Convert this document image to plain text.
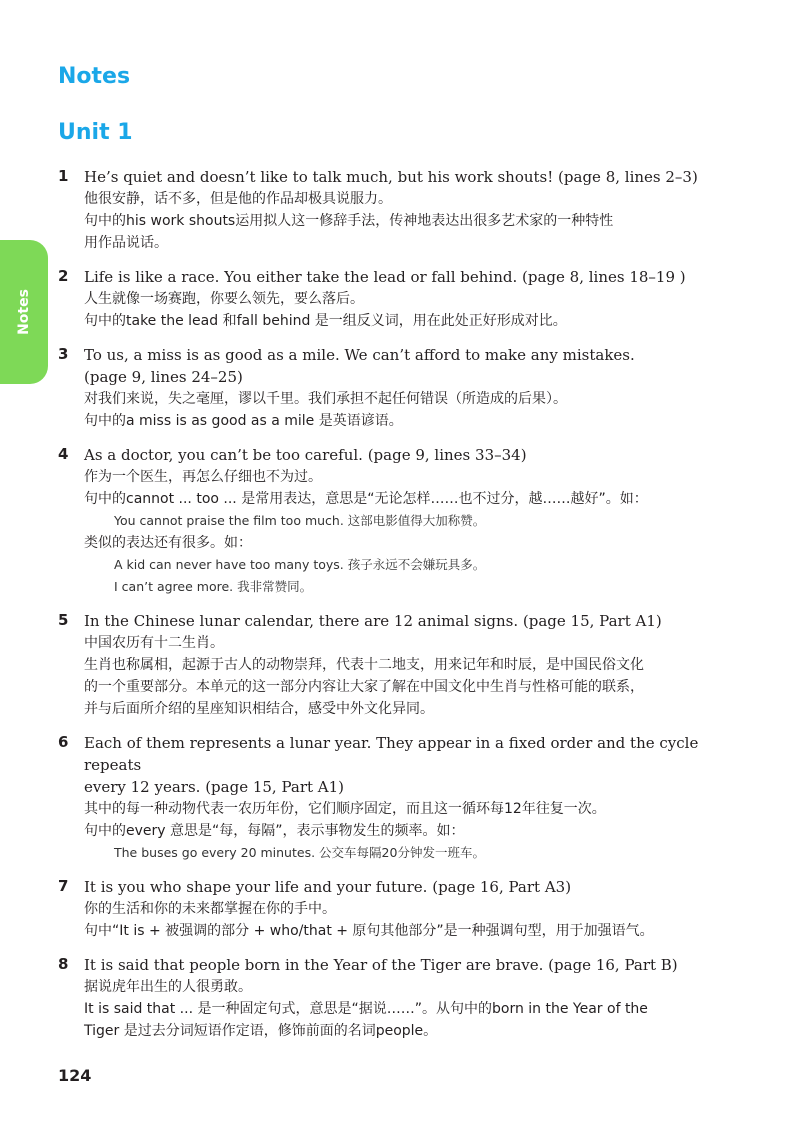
Notes
Notes
Unit 1
1 He’s quiet and doesn’t like to talk much, but his work shouts! (page 8, lines 2–3)
他很安静，话不多，但是他的作品却极具说服力。
句中的his work shouts运用拟人这一修辞手法，传神地表达出很多艺术家的一种特性
用作品说话。
2 Life is like a race. You either take the lead or fall behind. (page 8, lines 18–19 )
人生就像一场赛跑，你要么领先，要么落后。
句中的take the lead 和fall behind 是一组反义词，用在此处正好形成对比。
3 To us, a miss is as good as a mile. We can’t afford to make any mistakes.
(page 9, lines 24–25)
对我们来说，失之毫厘，谬以千里。我们承担不起任何错误（所造成的后果）。
句中的a miss is as good as a mile 是英语谚语。
4 As a doctor, you can’t be too careful. (page 9, lines 33–34)
作为一个医生，再怎么仔细也不为过。
句中的cannot ... too ... 是常用表达，意思是“无论怎样……也不过分，越……越好”。如：
You cannot praise the film too much. 这部电影值得大加称赞。
类似的表达还有很多。如：
A kid can never have too many toys. 孩子永远不会嫌玩具多。
I can’t agree more. 我非常赞同。
5 In the Chinese lunar calendar, there are 12 animal signs. (page 15, Part A1)
中国农历有十二生肖。
生肖也称属相，起源于古人的动物崇拜，代表十二地支，用来记年和时辰，是中国民俗文化
的一个重要部分。本单元的这一部分内容让大家了解在中国文化中生肖与性格可能的联系，
并与后面所介绍的星座知识相结合，感受中外文化异同。
6 Each of them represents a lunar year. They appear in a fixed order and the cycle repeats
every 12 years. (page 15, Part A1)
其中的每一种动物代表一农历年份，它们顺序固定，而且这一循环每12年往复一次。
句中的every 意思是“每，每隔”，表示事物发生的频率。如：
The buses go every 20 minutes. 公交车每隔20分钟发一班车。
7 It is you who shape your life and your future. (page 16, Part A3)
你的生活和你的未来都掌握在你的手中。
句中“It is + 被强调的部分 + who/that + 原句其他部分”是一种强调句型，用于加强语气。
8 It is said that people born in the Year of the Tiger are brave. (page 16, Part B)
据说虎年出生的人很勇敢。
It is said that ... 是一种固定句式，意思是“据说……”。从句中的born in the Year of the
Tiger 是过去分词短语作定语，修饰前面的名词people。
124
